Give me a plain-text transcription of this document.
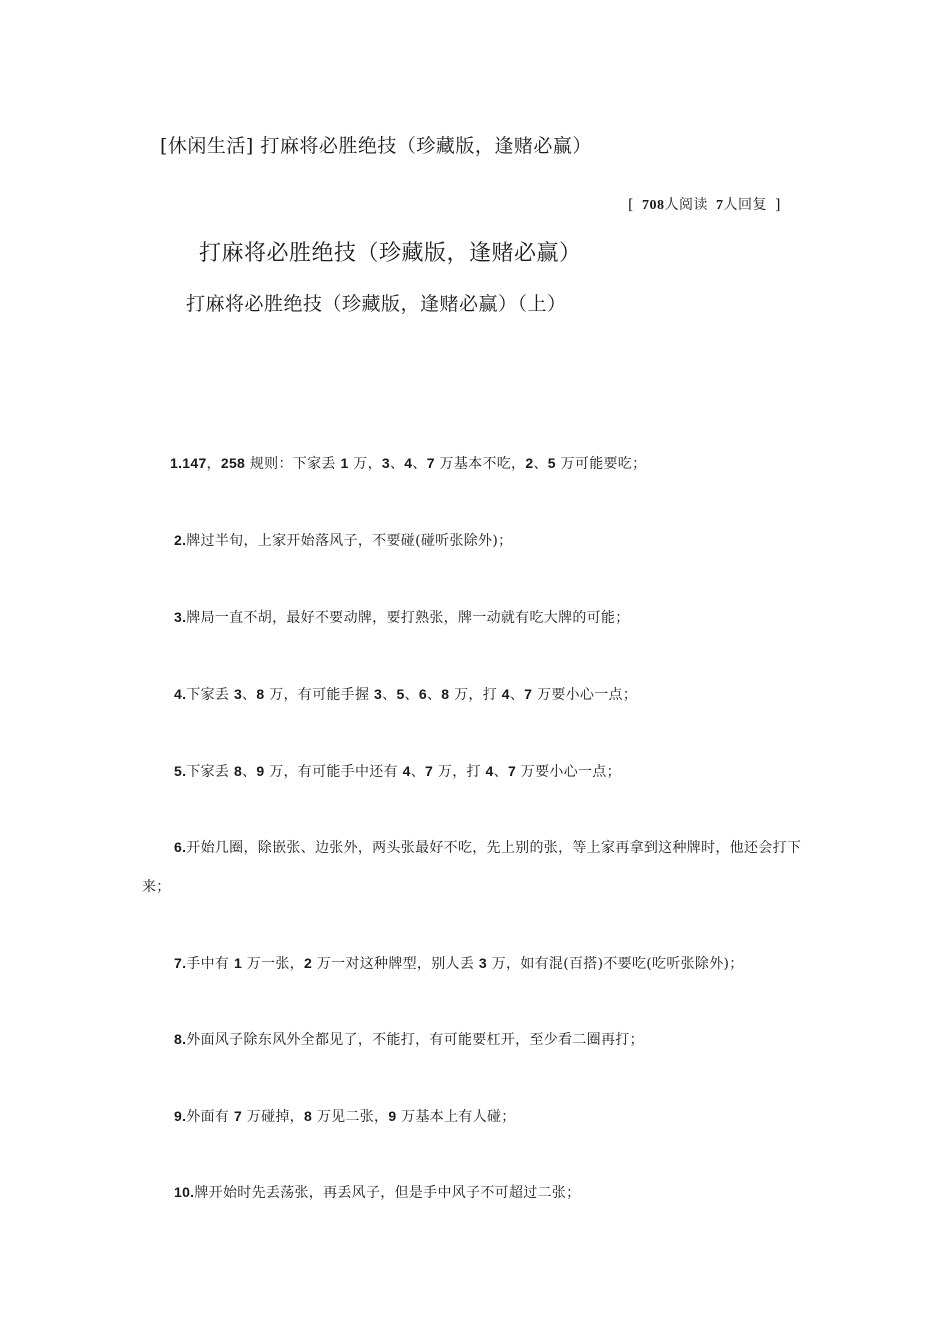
[休闲生活] 打麻将必胜绝技（珍藏版，逢赌必赢）
[ 708人阅读 7人回复 ]
打麻将必胜绝技（珍藏版，逢赌必赢）
打麻将必胜绝技（珍藏版，逢赌必赢）（上）
1.147，258 规则：下家丢 1 万，3、4、7 万基本不吃，2、5 万可能要吃；
2.牌过半旬，上家开始落风子，不要碰(碰听张除外)；
3.牌局一直不胡，最好不要动牌，要打熟张，牌一动就有吃大牌的可能；
4.下家丢 3、8 万，有可能手握 3、5、6、8 万，打 4、7 万要小心一点；
5.下家丢 8、9 万，有可能手中还有 4、7 万，打 4、7 万要小心一点；
6.开始几圈，除嵌张、边张外，两头张最好不吃，先上别的张，等上家再拿到这种牌时，他还会打下
来；
7.手中有 1 万一张，2 万一对这种牌型，别人丢 3 万，如有混(百搭)不要吃(吃听张除外)；
8.外面风子除东风外全都见了，不能打，有可能要杠开，至少看二圈再打；
9.外面有 7 万碰掉，8 万见二张，9 万基本上有人碰；
10.牌开始时先丢荡张，再丢风子，但是手中风子不可超过二张；
